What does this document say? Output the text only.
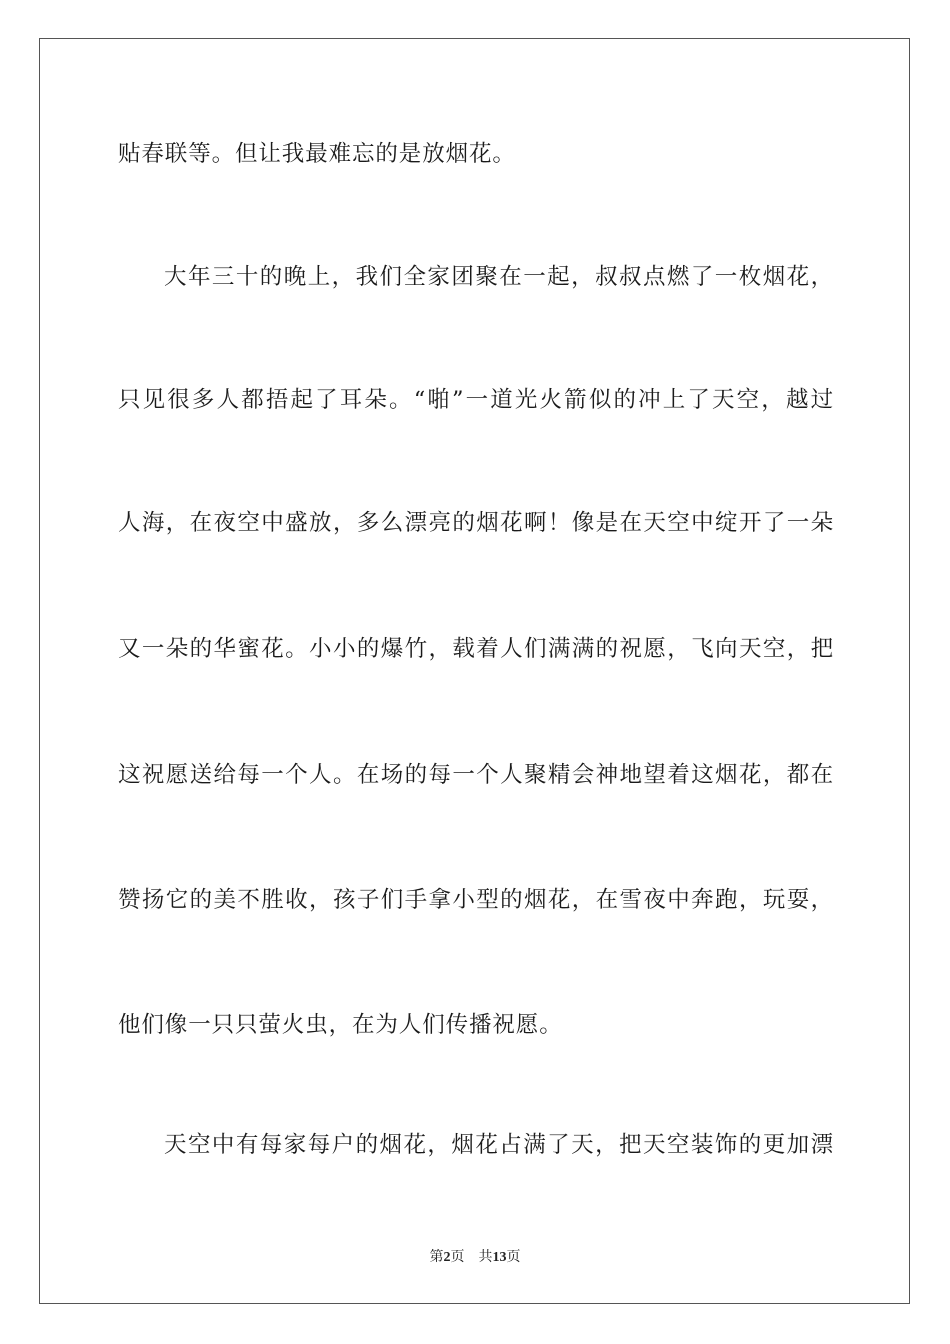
贴春联等。但让我最难忘的是放烟花。
大年三十的晚上，我们全家团聚在一起，叔叔点燃了一枚烟花，
只见很多人都捂起了耳朵。“啪”一道光火箭似的冲上了天空，越过
人海，在夜空中盛放，多么漂亮的烟花啊！像是在天空中绽开了一朵
又一朵的华蜜花。小小的爆竹，载着人们满满的祝愿，飞向天空，把
这祝愿送给每一个人。在场的每一个人聚精会神地望着这烟花，都在
赞扬它的美不胜收，孩子们手拿小型的烟花，在雪夜中奔跑，玩耍，
他们像一只只萤火虫，在为人们传播祝愿。
天空中有每家每户的烟花，烟花占满了天，把天空装饰的更加漂
第2页 共13页
